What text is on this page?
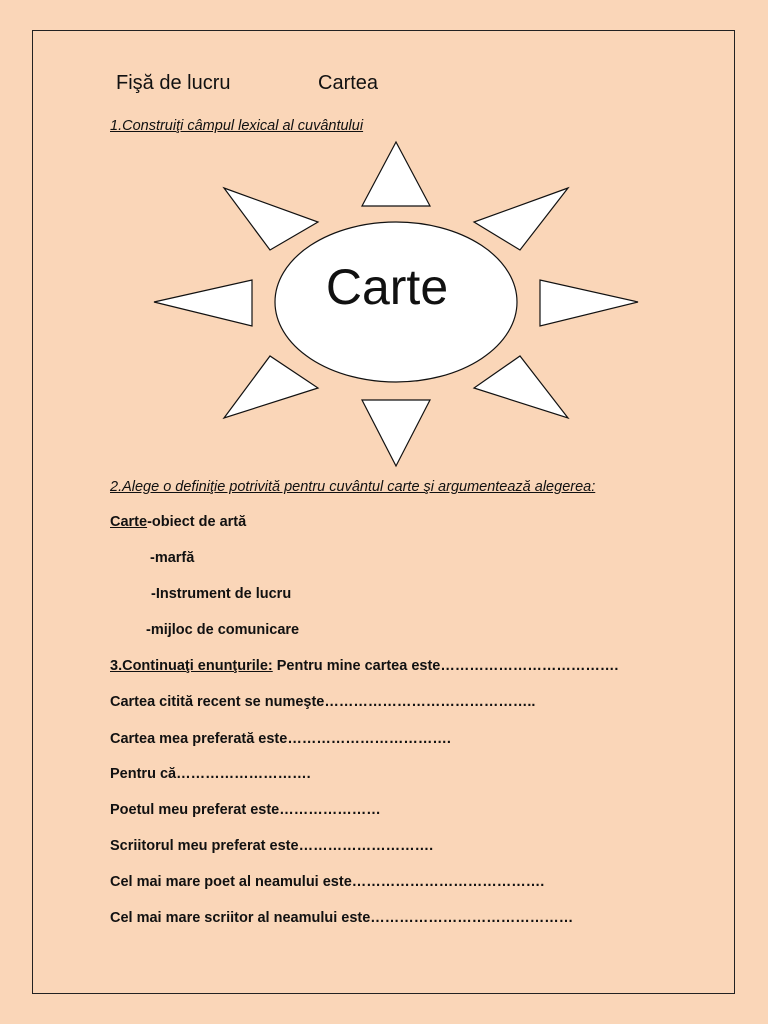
Fişă de lucru	Cartea
1.Construiţi câmpul lexical al cuvântului
Carte
2.Alege o definiţie potrivită pentru cuvântul carte şi argumentează alegerea:
Carte-obiect de artă
-marfă
-Instrument de lucru
-mijloc de comunicare
3.Continuaţi enunţurile: Pentru mine cartea este……………………………….
Cartea citită recent se numeşte……………………………………..
Cartea mea preferată este…………………………….
Pentru că……………………….
Poetul meu preferat este…………………
Scriitorul meu preferat este……………………….
Cel mai mare poet al neamului este………………………………….
Cel mai mare scriitor al neamului este……………………………………
